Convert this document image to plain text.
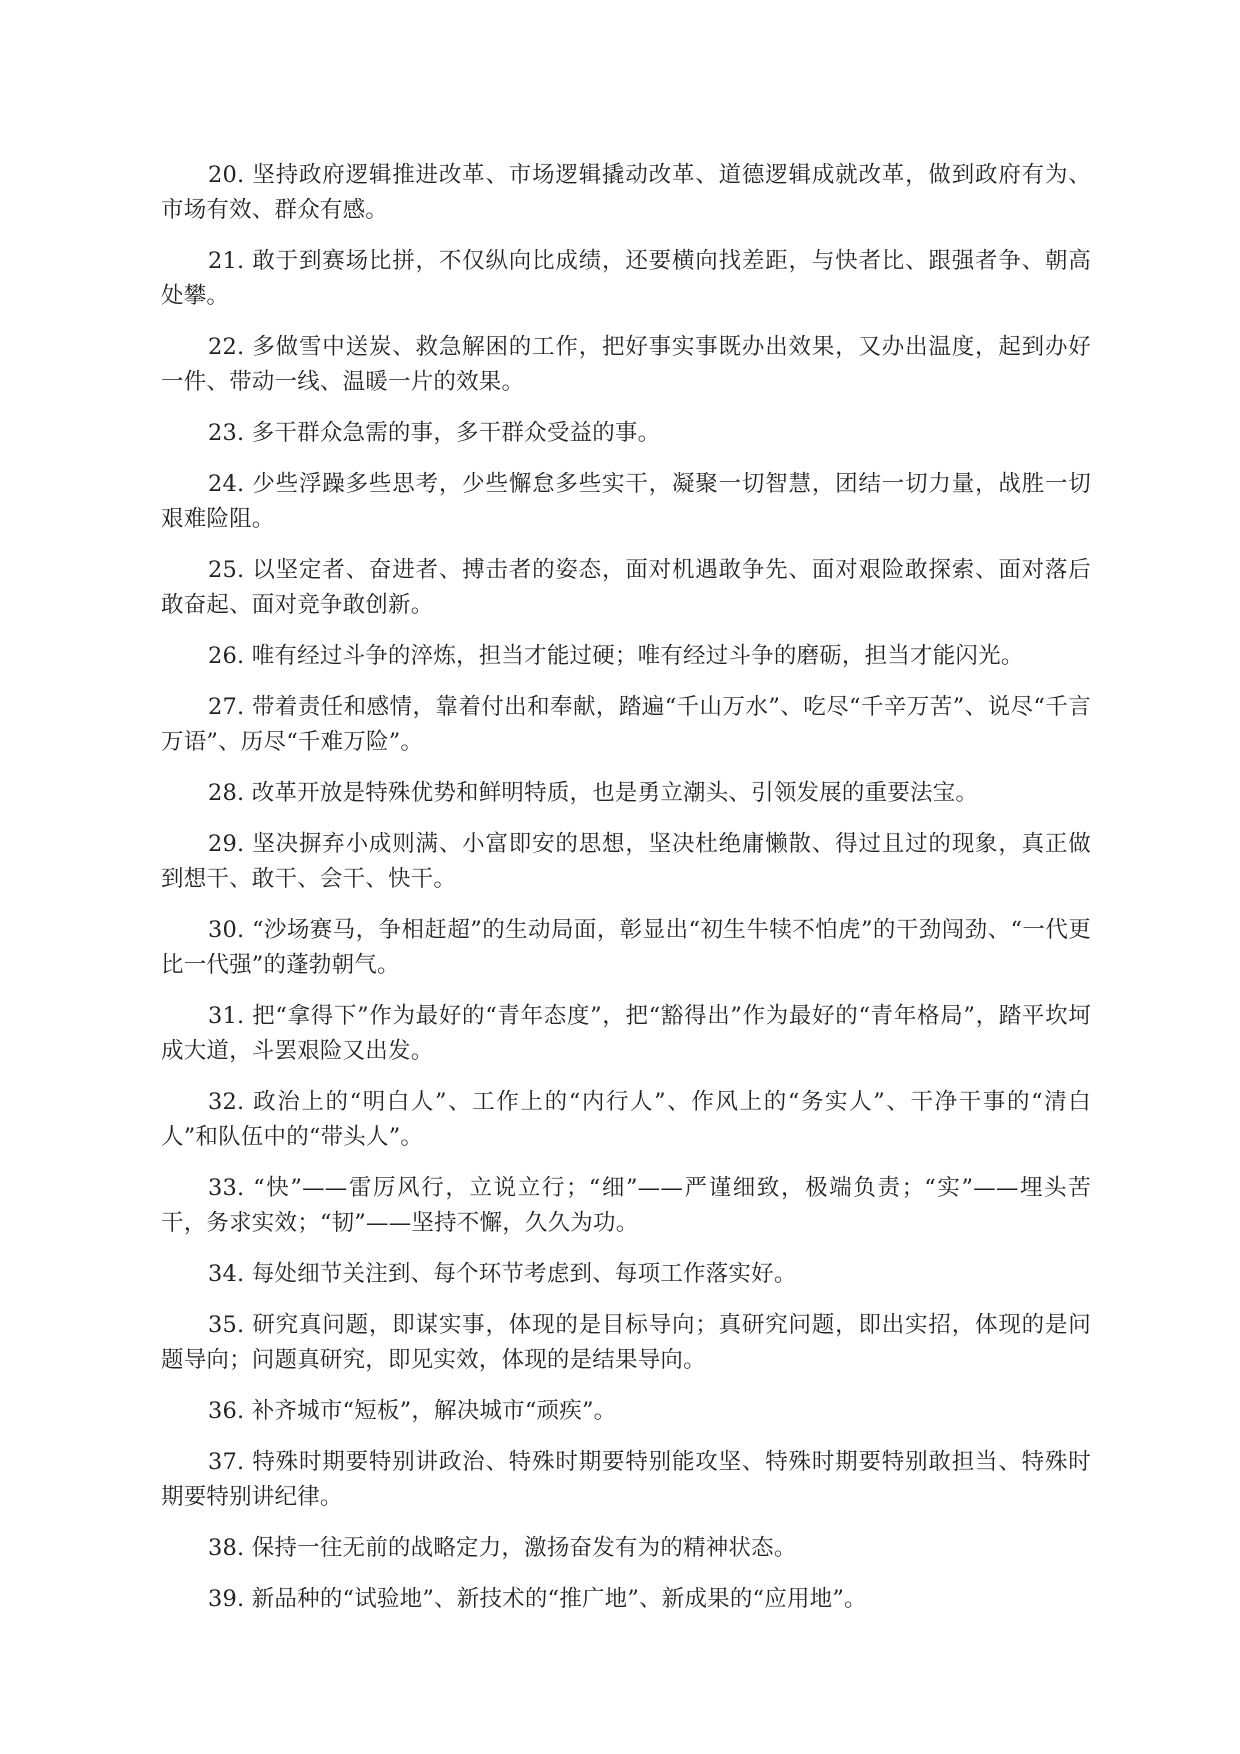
20. 坚持政府逻辑推进改革、市场逻辑撬动改革、道德逻辑成就改革，做到政府有为、市场有效、群众有感。

21. 敢于到赛场比拼，不仅纵向比成绩，还要横向找差距，与快者比、跟强者争、朝高处攀。

22. 多做雪中送炭、救急解困的工作，把好事实事既办出效果，又办出温度，起到办好一件、带动一线、温暖一片的效果。

23. 多干群众急需的事，多干群众受益的事。

24. 少些浮躁多些思考，少些懈怠多些实干，凝聚一切智慧，团结一切力量，战胜一切艰难险阻。

25. 以坚定者、奋进者、搏击者的姿态，面对机遇敢争先、面对艰险敢探索、面对落后敢奋起、面对竞争敢创新。

26. 唯有经过斗争的淬炼，担当才能过硬；唯有经过斗争的磨砺，担当才能闪光。

27. 带着责任和感情，靠着付出和奉献，踏遍“千山万水”、吃尽“千辛万苦”、说尽“千言万语”、历尽“千难万险”。

28. 改革开放是特殊优势和鲜明特质，也是勇立潮头、引领发展的重要法宝。

29. 坚决摒弃小成则满、小富即安的思想，坚决杜绝庸懒散、得过且过的现象，真正做到想干、敢干、会干、快干。

30. “沙场赛马，争相赶超”的生动局面，彰显出“初生牛犊不怕虎”的干劲闯劲、“一代更比一代强”的蓬勃朝气。

31. 把“拿得下”作为最好的“青年态度”，把“豁得出”作为最好的“青年格局”，踏平坎坷成大道，斗罢艰险又出发。

32. 政治上的“明白人”、工作上的“内行人”、作风上的“务实人”、干净干事的“清白人”和队伍中的“带头人”。

33. “快”——雷厉风行，立说立行；“细”——严谨细致，极端负责；“实”——埋头苦干，务求实效；“韧”——坚持不懈，久久为功。

34. 每处细节关注到、每个环节考虑到、每项工作落实好。

35. 研究真问题，即谋实事，体现的是目标导向；真研究问题，即出实招，体现的是问题导向；问题真研究，即见实效，体现的是结果导向。

36. 补齐城市“短板”，解决城市“顽疾”。

37. 特殊时期要特别讲政治、特殊时期要特别能攻坚、特殊时期要特别敢担当、特殊时期要特别讲纪律。

38. 保持一往无前的战略定力，激扬奋发有为的精神状态。

39. 新品种的“试验地”、新技术的“推广地”、新成果的“应用地”。
